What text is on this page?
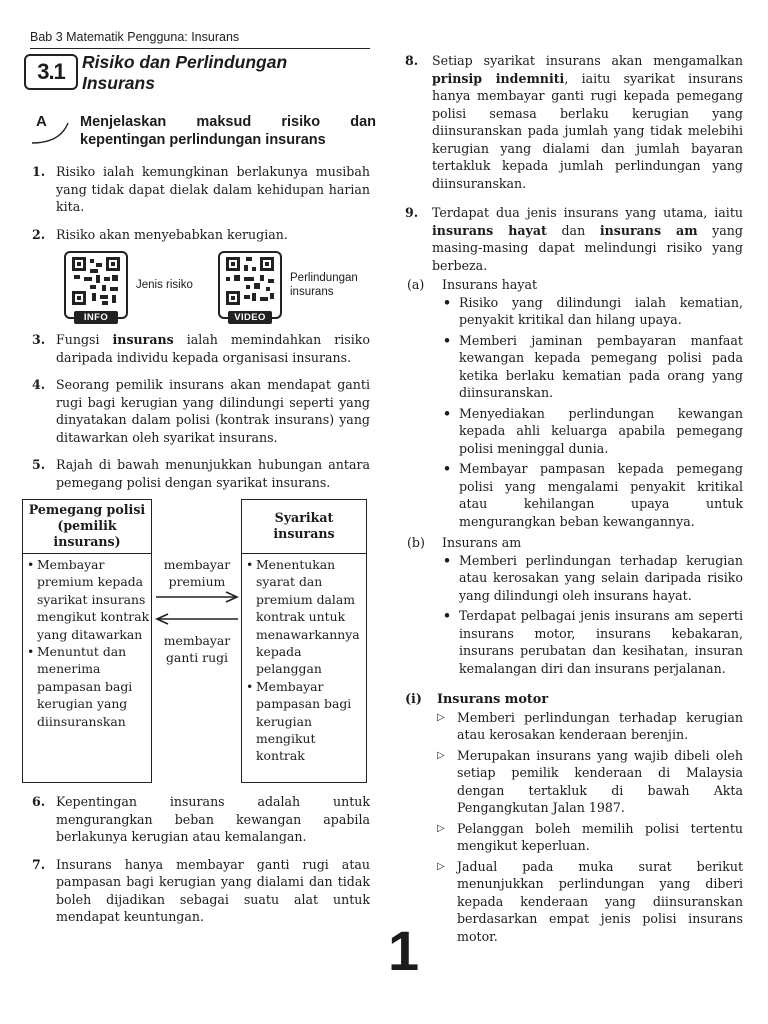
Bab 3 Matematik Pengguna: Insurans
3.1 Risiko dan Perlindungan
Insurans
A Menjelaskan maksud risiko dan kepentingan perlindungan insurans
1. Risiko ialah kemungkinan berlakunya musibah yang tidak dapat dielak dalam kehidupan harian kita.
2. Risiko akan menyebabkan kerugian.
INFO
Jenis risiko
VIDEO
Perlindungan
insurans
3. Fungsi insurans ialah memindahkan risiko daripada individu kepada organisasi insurans.
4. Seorang pemilik insurans akan mendapat ganti rugi bagi kerugian yang dilindungi seperti yang dinyatakan dalam polisi (kontrak insurans) yang ditawarkan oleh syarikat insurans.
5. Rajah di bawah menunjukkan hubungan antara pemegang polisi dengan syarikat insurans.
Pemegang polisi (pemilik insurans)
• Membayar premium kepada syarikat insurans mengikut kontrak yang ditawarkan
• Menuntut dan menerima pampasan bagi kerugian yang diinsuranskan
Syarikat insurans
• Menentukan syarat dan premium dalam kontrak untuk menawarkannya kepada pelanggan
• Membayar pampasan bagi kerugian mengikut kontrak
membayar premium
membayar ganti rugi
6. Kepentingan insurans adalah untuk mengurangkan beban kewangan apabila berlakunya kerugian atau kemalangan.
7. Insurans hanya membayar ganti rugi atau pampasan bagi kerugian yang dialami dan tidak boleh dijadikan sebagai suatu alat untuk mendapat keuntungan.
8. Setiap syarikat insurans akan mengamalkan prinsip indemniti, iaitu syarikat insurans hanya membayar ganti rugi kepada pemegang polisi semasa berlaku kerugian yang diinsuranskan pada jumlah yang tidak melebihi kerugian yang dialami dan jumlah bayaran tertakluk kepada jumlah perlindungan yang diinsuranskan.
9. Terdapat dua jenis insurans yang utama, iaitu insurans hayat dan insurans am yang masing-masing dapat melindungi risiko yang berbeza.
(a) Insurans hayat
• Risiko yang dilindungi ialah kematian, penyakit kritikal dan hilang upaya.
• Memberi jaminan pembayaran manfaat kewangan kepada pemegang polisi pada ketika berlaku kematian pada orang yang diinsuranskan.
• Menyediakan perlindungan kewangan kepada ahli keluarga apabila pemegang polisi meninggal dunia.
• Membayar pampasan kepada pemegang polisi yang mengalami penyakit kritikal atau kehilangan upaya untuk mengurangkan beban kewangannya.
(b) Insurans am
• Memberi perlindungan terhadap kerugian atau kerosakan yang selain daripada risiko yang dilindungi oleh insurans hayat.
• Terdapat pelbagai jenis insurans am seperti insurans motor, insurans kebakaran, insurans perubatan dan kesihatan, insuran kemalangan diri dan insurans perjalanan.
(i) Insurans motor
▷ Memberi perlindungan terhadap kerugian atau kerosakan kenderaan berenjin.
▷ Merupakan insurans yang wajib dibeli oleh setiap pemilik kenderaan di Malaysia dengan tertakluk di bawah Akta Pengangkutan Jalan 1987.
▷ Pelanggan boleh memilih polisi tertentu mengikut keperluan.
▷ Jadual pada muka surat berikut menunjukkan perlindungan yang diberi kepada kenderaan yang diinsuranskan berdasarkan empat jenis polisi insurans motor.
1
